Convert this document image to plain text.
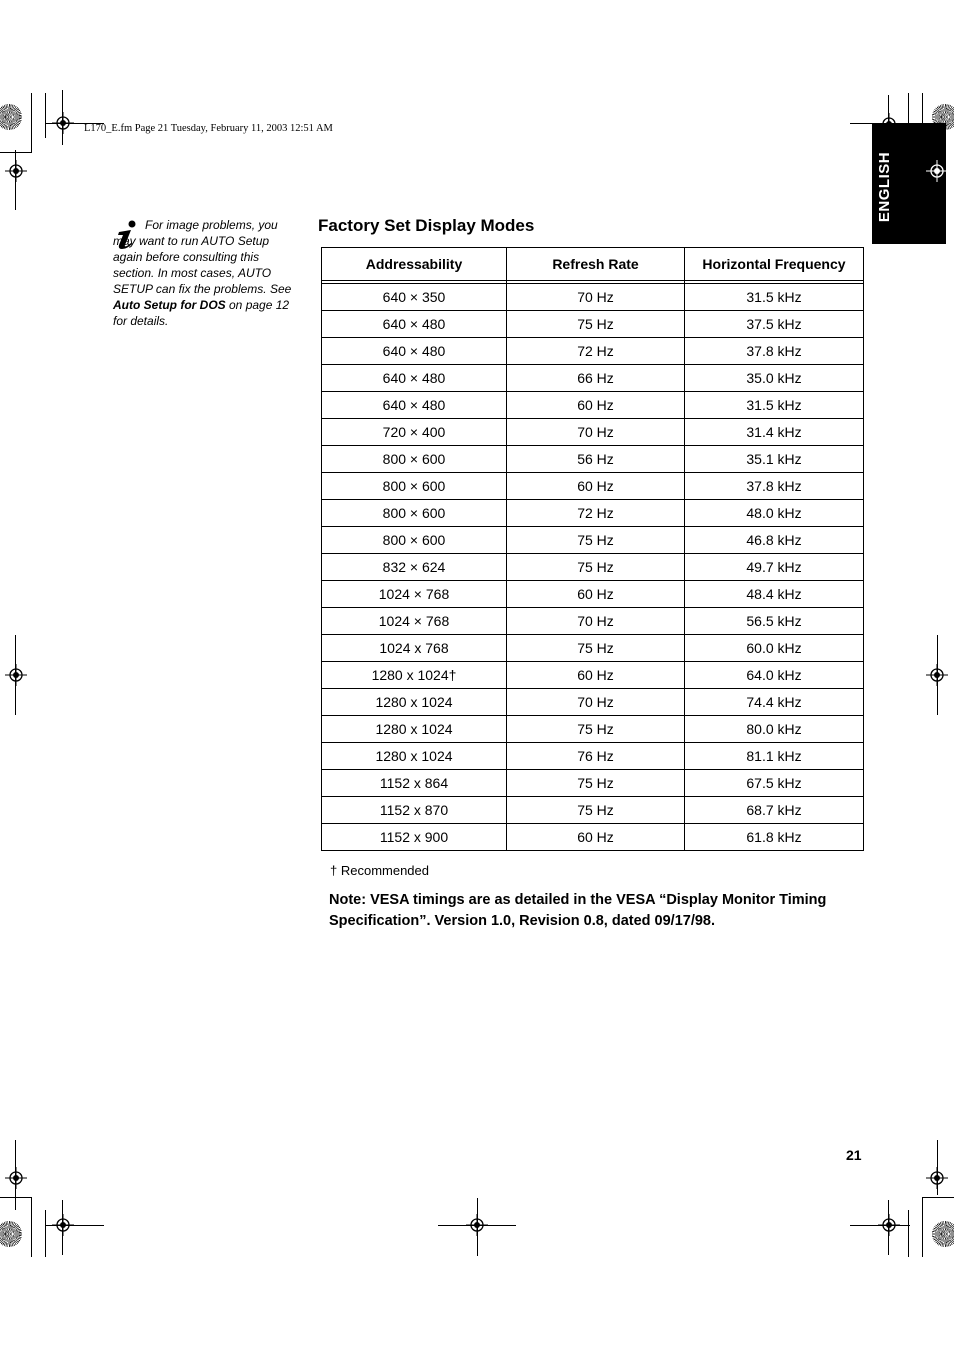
ENGLISH
L170_E.fm Page 21 Tuesday, February 11, 2003 12:51 AM
For image problems, you may want to run AUTO Setup again before consulting this section. In most cases, AUTO SETUP can fix the problems. See Auto Setup for DOS on page 12 for details.
Factory Set Display Modes
Addressability	Refresh Rate	Horizontal Frequency

640 × 350	70 Hz	31.5 kHz
640 × 480	75 Hz	37.5 kHz
640 × 480	72 Hz	37.8 kHz
640 × 480	66 Hz	35.0 kHz
640 × 480	60 Hz	31.5 kHz
720 × 400	70 Hz	31.4 kHz
800 × 600	56 Hz	35.1 kHz
800 × 600	60 Hz	37.8 kHz
800 × 600	72 Hz	48.0 kHz
800 × 600	75 Hz	46.8 kHz
832 × 624	75 Hz	49.7 kHz
1024 × 768	60 Hz	48.4 kHz
1024 × 768	70 Hz	56.5 kHz
1024 x 768	75 Hz	60.0 kHz
1280 x 1024†	60 Hz	64.0 kHz
1280 x 1024	70 Hz	74.4 kHz
1280 x 1024	75 Hz	80.0 kHz
1280 x 1024	76 Hz	81.1 kHz
1152 x 864	75 Hz	67.5 kHz
1152 x 870	75 Hz	68.7 kHz
1152 x 900	60 Hz	61.8 kHz
† Recommended
Note: VESA timings are as detailed in the VESA “Display Monitor Timing Specification”. Version 1.0, Revision 0.8, dated 09/17/98.
21
